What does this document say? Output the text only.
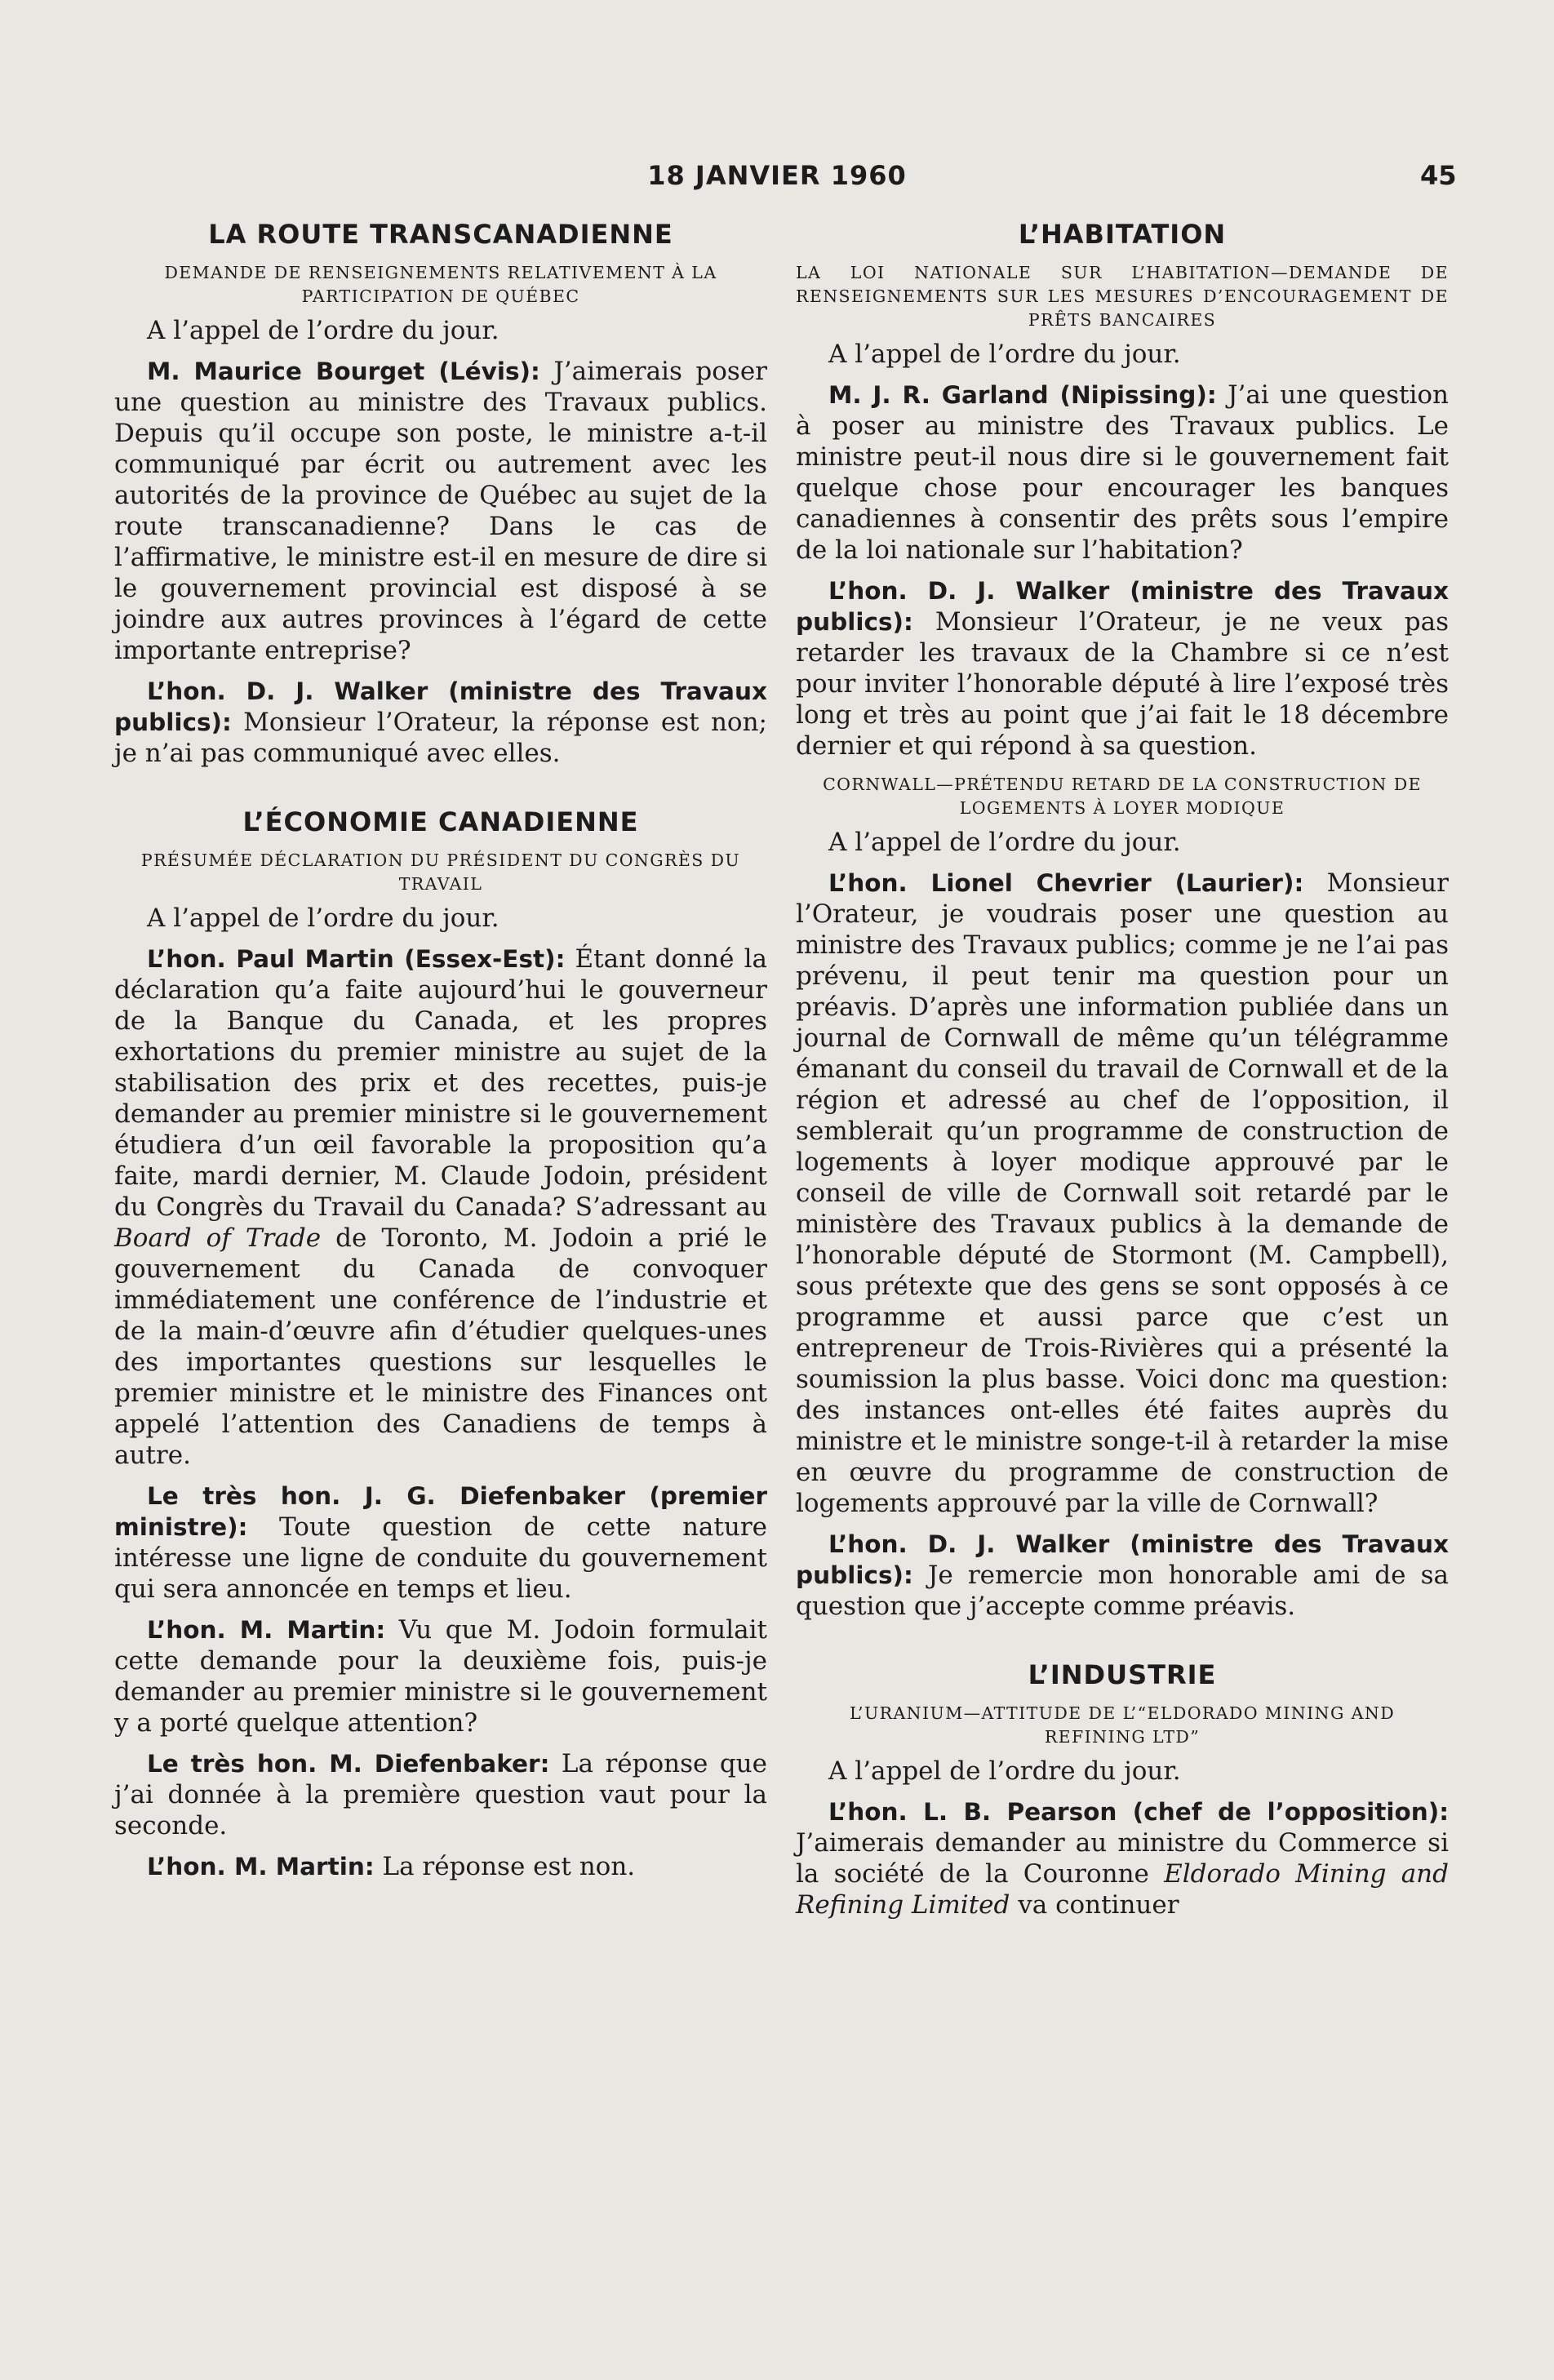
18 JANVIER 1960	45
LA ROUTE TRANSCANADIENNE
DEMANDE DE RENSEIGNEMENTS RELATIVEMENT À LA PARTICIPATION DE QUÉBEC

A l’appel de l’ordre du jour.

M. Maurice Bourget (Lévis): J’aimerais poser une question au ministre des Travaux publics. Depuis qu’il occupe son poste, le ministre a-t-il communiqué par écrit ou autrement avec les autorités de la province de Québec au sujet de la route transcanadienne? Dans le cas de l’affirmative, le ministre est-il en mesure de dire si le gouvernement provincial est disposé à se joindre aux autres provinces à l’égard de cette importante entreprise?

L’hon. D. J. Walker (ministre des Travaux publics): Monsieur l’Orateur, la réponse est non; je n’ai pas communiqué avec elles.

L’ÉCONOMIE CANADIENNE
PRÉSUMÉE DÉCLARATION DU PRÉSIDENT DU CONGRÈS DU TRAVAIL

A l’appel de l’ordre du jour.

L’hon. Paul Martin (Essex-Est): Étant donné la déclaration qu’a faite aujourd’hui le gouverneur de la Banque du Canada, et les propres exhortations du premier ministre au sujet de la stabilisation des prix et des recettes, puis-je demander au premier ministre si le gouvernement étudiera d’un œil favorable la proposition qu’a faite, mardi dernier, M. Claude Jodoin, président du Congrès du Travail du Canada? S’adressant au Board of Trade de Toronto, M. Jodoin a prié le gouvernement du Canada de convoquer immédiatement une conférence de l’industrie et de la main-d’œuvre afin d’étudier quelques-unes des importantes questions sur lesquelles le premier ministre et le ministre des Finances ont appelé l’attention des Canadiens de temps à autre.

Le très hon. J. G. Diefenbaker (premier ministre): Toute question de cette nature intéresse une ligne de conduite du gouvernement qui sera annoncée en temps et lieu.

L’hon. M. Martin: Vu que M. Jodoin formulait cette demande pour la deuxième fois, puis-je demander au premier ministre si le gouvernement y a porté quelque attention?

Le très hon. M. Diefenbaker: La réponse que j’ai donnée à la première question vaut pour la seconde.

L’hon. M. Martin: La réponse est non.

L’HABITATION
LA LOI NATIONALE SUR L’HABITATION—DEMANDE DE RENSEIGNEMENTS SUR LES MESURES D’ENCOURAGEMENT DE PRÊTS BANCAIRES

A l’appel de l’ordre du jour.

M. J. R. Garland (Nipissing): J’ai une question à poser au ministre des Travaux publics. Le ministre peut-il nous dire si le gouvernement fait quelque chose pour encourager les banques canadiennes à consentir des prêts sous l’empire de la loi nationale sur l’habitation?

L’hon. D. J. Walker (ministre des Travaux publics): Monsieur l’Orateur, je ne veux pas retarder les travaux de la Chambre si ce n’est pour inviter l’honorable député à lire l’exposé très long et très au point que j’ai fait le 18 décembre dernier et qui répond à sa question.

CORNWALL—PRÉTENDU RETARD DE LA CONSTRUCTION DE LOGEMENTS À LOYER MODIQUE

A l’appel de l’ordre du jour.

L’hon. Lionel Chevrier (Laurier): Monsieur l’Orateur, je voudrais poser une question au ministre des Travaux publics; comme je ne l’ai pas prévenu, il peut tenir ma question pour un préavis. D’après une information publiée dans un journal de Cornwall de même qu’un télégramme émanant du conseil du travail de Cornwall et de la région et adressé au chef de l’opposition, il semblerait qu’un programme de construction de logements à loyer modique approuvé par le conseil de ville de Cornwall soit retardé par le ministère des Travaux publics à la demande de l’honorable député de Stormont (M. Campbell), sous prétexte que des gens se sont opposés à ce programme et aussi parce que c’est un entrepreneur de Trois-Rivières qui a présenté la soumission la plus basse. Voici donc ma question: des instances ont-elles été faites auprès du ministre et le ministre songe-t-il à retarder la mise en œuvre du programme de construction de logements approuvé par la ville de Cornwall?

L’hon. D. J. Walker (ministre des Travaux publics): Je remercie mon honorable ami de sa question que j’accepte comme préavis.

L’INDUSTRIE
L’URANIUM—ATTITUDE DE L’“ELDORADO MINING AND REFINING LTD”

A l’appel de l’ordre du jour.

L’hon. L. B. Pearson (chef de l’opposition): J’aimerais demander au ministre du Commerce si la société de la Couronne Eldorado Mining and Refining Limited va continuer
